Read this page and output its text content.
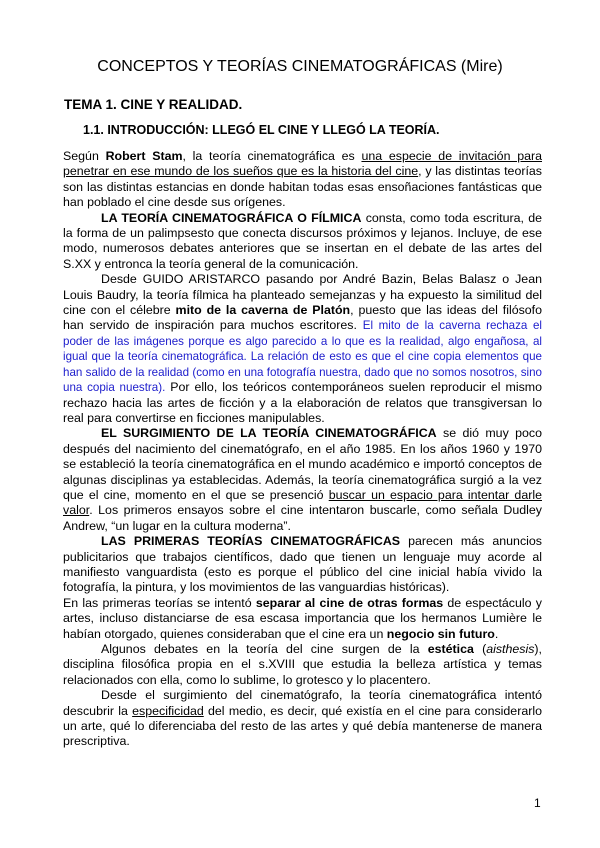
CONCEPTOS Y TEORÍAS CINEMATOGRÁFICAS (Mire)
TEMA 1. CINE Y REALIDAD.
1.1. INTRODUCCIÓN: LLEGÓ EL CINE Y LLEGÓ LA TEORÍA.

Según Robert Stam, la teoría cinematográfica es una especie de invitación para penetrar en ese mundo de los sueños que es la historia del cine, y las distintas teorías son las distintas estancias en donde habitan todas esas ensoñaciones fantásticas que han poblado el cine desde sus orígenes.

LA TEORÍA CINEMATOGRÁFICA O FÍLMICA consta, como toda escritura, de la forma de un palimpsesto que conecta discursos próximos y lejanos. Incluye, de ese modo, numerosos debates anteriores que se insertan en el debate de las artes del S.XX y entronca la teoría general de la comunicación.

Desde GUIDO ARISTARCO pasando por André Bazin, Belas Balasz o Jean Louis Baudry, la teoría fílmica ha planteado semejanzas y ha expuesto la similitud del cine con el célebre mito de la caverna de Platón, puesto que las ideas del filósofo han servido de inspiración para muchos escritores. El mito de la caverna rechaza el poder de las imágenes porque es algo parecido a lo que es la realidad, algo engañosa, al igual que la teoría cinematográfica. La relación de esto es que el cine copia elementos que han salido de la realidad (como en una fotografía nuestra, dado que no somos nosotros, sino una copia nuestra). Por ello, los teóricos contemporáneos suelen reproducir el mismo rechazo hacia las artes de ficción y a la elaboración de relatos que transgiversan lo real para convertirse en ficciones manipulables.

EL SURGIMIENTO DE LA TEORÍA CINEMATOGRÁFICA se dió muy poco después del nacimiento del cinematógrafo, en el año 1985. En los años 1960 y 1970 se estableció la teoría cinematográfica en el mundo académico e importó conceptos de algunas disciplinas ya establecidas. Además, la teoría cinematográfica surgió a la vez que el cine, momento en el que se presenció buscar un espacio para intentar darle valor. Los primeros ensayos sobre el cine intentaron buscarle, como señala Dudley Andrew, “un lugar en la cultura moderna”.

LAS PRIMERAS TEORÍAS CINEMATOGRÁFICAS parecen más anuncios publicitarios que trabajos científicos, dado que tienen un lenguaje muy acorde al manifiesto vanguardista (esto es porque el público del cine inicial había vivido la fotografía, la pintura, y los movimientos de las vanguardias históricas).

En las primeras teorías se intentó separar al cine de otras formas de espectáculo y artes, incluso distanciarse de esa escasa importancia que los hermanos Lumière le habían otorgado, quienes consideraban que el cine era un negocio sin futuro.

Algunos debates en la teoría del cine surgen de la estética (aisthesis), disciplina filosófica propia en el s.XVIII que estudia la belleza artística y temas relacionados con ella, como lo sublime, lo grotesco y lo placentero.

Desde el surgimiento del cinematógrafo, la teoría cinematográfica intentó descubrir la especificidad del medio, es decir, qué existía en el cine para considerarlo un arte, qué lo diferenciaba del resto de las artes y qué debía mantenerse de manera prescriptiva.

1
